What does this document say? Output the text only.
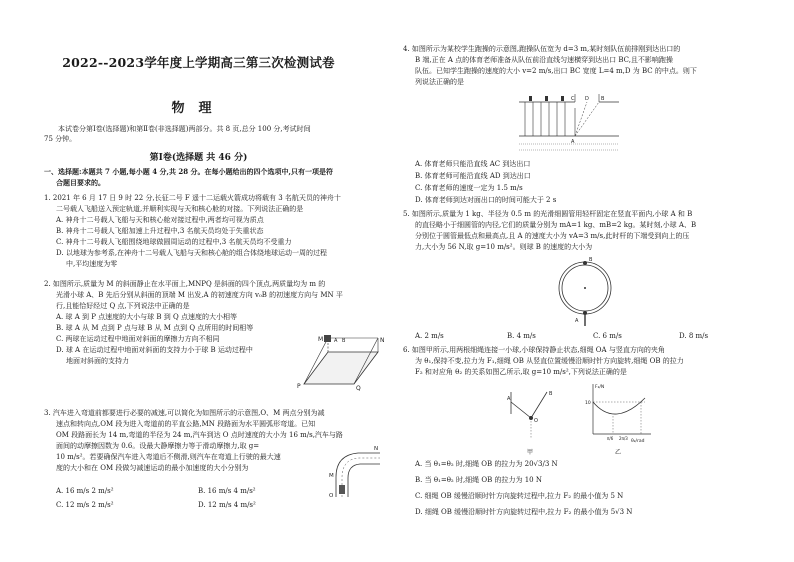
2022--2023学年度上学期高三第三次检测试卷
物理
本试卷分第Ⅰ卷(选择题)和第Ⅱ卷(非选择题)两部分。共 8 页,总分 100 分,考试时间
75 分钟。
第Ⅰ卷(选择题 共 46 分)
一、选择题:本题共 7 小题,每小题 4 分,共 28 分。在每小题给出的四个选项中,只有一项是符
合题目要求的。
1. 2021 年 6 月 17 日 9 时 22 分,长征二号 F 遥十二运载火箭成功将载有 3 名航天员的神舟十
二号载人飞船送入预定轨道,并顺利实现与天和核心舱的对接。下列说法正确的是
A. 神舟十二号载人飞船与天和核心舱对接过程中,两者均可视为质点
B. 神舟十二号载人飞船加速上升过程中,3 名航天员均处于失重状态
C. 神舟十二号载人飞船围绕地球做圆周运动的过程中,3 名航天员均不受重力
D. 以地球为参考系,在神舟十二号载人飞船与天和核心舱的组合体绕地球运动一周的过程
中,平均速度为零
2. 如图所示,质量为 M 的斜面静止在水平面上,MNPQ 是斜面的四个顶点,两质量均为 m 的
光滑小球 A、B 先后分别从斜面的顶端 M 出发,A 的初速度方向 v₀B 的初速度方向与 MN 平
行,且能恰好经过 Q 点,下列说法中正确的是
A. 球 A 到 P 点速度的大小与球 B 到 Q 点速度的大小相等
B. 球 A 从 M 点到 P 点与球 B 从 M 点到 Q 点所用的时间相等
C. 两球在运动过程中地面对斜面的摩擦力方向不相同
D. 球 A 在运动过程中地面对斜面的支持力小于球 B 运动过程中
地面对斜面的支持力
M	N
A B
P	Q
3. 汽车进入弯道前都要进行必要的减速,可以简化为如图所示的示意图,O、M 两点分别为减
速点和转向点,OM 段为进入弯道前的平直公路,MN 段路面为水平圆弧形弯道。已知
OM 段路面长为 14 m,弯道的半径为 24 m,汽车到达 O 点时速度的大小为 16 m/s,汽车与路
面间的动摩擦因数为 0.6。设最大静摩擦力等于滑动摩擦力,取 g=
10 m/s²。若要确保汽车进入弯道后不侧滑,则汽车在弯道上行驶的最大速
度的大小和在 OM 段做匀减速运动的最小加速度的大小分别为
A. 16 m/s 2 m/s²	B. 16 m/s 4 m/s²
C. 12 m/s 2 m/s²	D. 12 m/s 4 m/s²
O
M
N
4. 如图所示为某校学生跑操的示意图,跑操队伍宽为 d=3 m,某时刻队伍前排刚到达出口的
B 端,正在 A 点的体育老师准备从队伍前沿直线匀速横穿到达出口 BC,且不影响跑操
队伍。已知学生跑操的速度的大小 v=2 m/s,出口 BC 宽度 L=4 m,D 为 BC 的中点。则下
列说法正确的是
C D B
A
A. 体育老师只能沿直线 AC 到达出口
B. 体育老师可能沿直线 AD 到达出口
C. 体育老师的速度一定为 1.5 m/s
D. 体育老师到达对面出口的时间可能大于 2 s
5. 如图所示,质量为 1 kg、半径为 0.5 m 的光滑细圆管用轻杆固定在竖直平面内,小球 A 和 B
的直径略小于细圆管的内径,它们的质量分别为 mA=1 kg、mB=2 kg。某时刻,小球 A、B
分别位于圆管最低点和最高点,且 A 的速度大小为 vA=3 m/s,此时杆的下端受到向上的压
力,大小为 56 N,取 g=10 m/s²。则球 B 的速度的大小为
B
A
A. 2 m/s	B. 4 m/s	C. 6 m/s	D. 8 m/s
6. 如图甲所示,用两根细绳连接一小球,小球保持静止状态,细绳 OA 与竖直方向的夹角
为 θ₁,保持不变,拉力为 F₁,细绳 OB 从竖直位置缓慢沿顺时针方向旋转,细绳 OB 的拉力
F₂ 和对应角 θ₂ 的关系如图乙所示,取 g=10 m/s²,下列说法正确的是
A
B
O
甲
F₂/N
θ₂/rad
10
π/6 2π/3
乙
A. 当 θ₁=θ₂ 时,细绳 OB 的拉力为 20√3/3 N
B. 当 θ₁=θ₂ 时,细绳 OB 的拉力为 10 N
C. 细绳 OB 缓慢沿顺时针方向旋转过程中,拉力 F₂ 的最小值为 5 N
D. 细绳 OB 缓慢沿顺时针方向旋转过程中,拉力 F₂ 的最小值为 5√3 N
